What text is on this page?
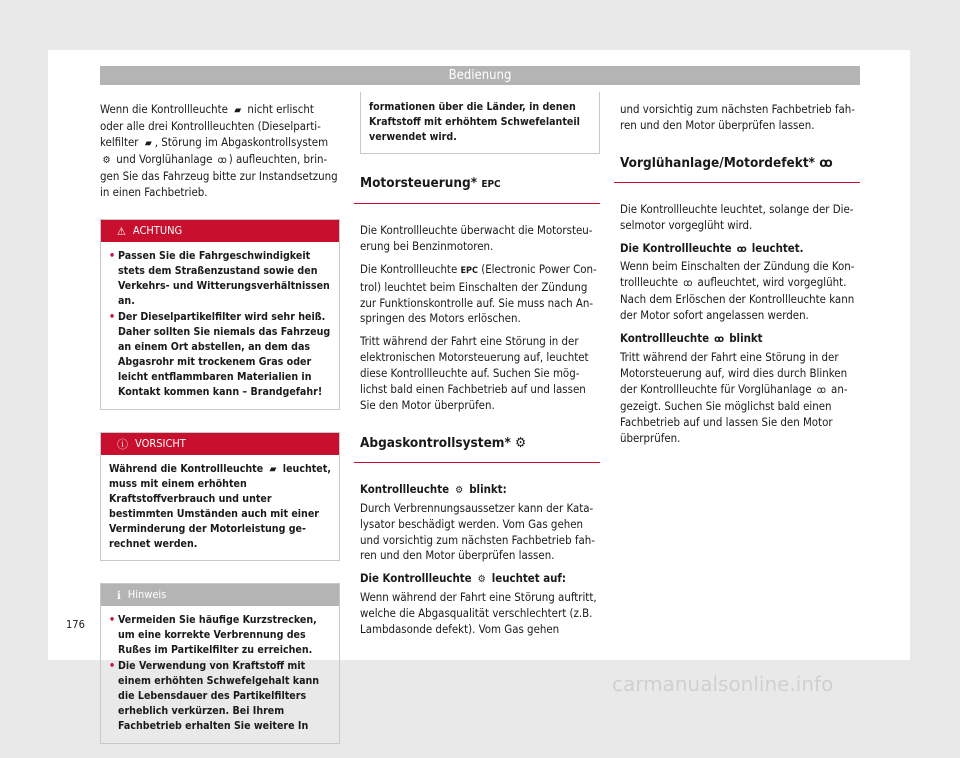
Bedienung

Wenn die Kontrollleuchte ▰ nicht erlischt oder alle drei Kontrollleuchten (Dieselpartikelfilter ▰ , Störung im Abgaskontrollsystem ⚙ und Vorglühanlage ꝏ ) aufleuchten, bringen Sie das Fahrzeug bitte zur Instandsetzung in einen Fachbetrieb.

⚠ ACHTUNG
• Passen Sie die Fahrgeschwindigkeit stets dem Straßenzustand sowie den Verkehrs- und Witterungsverhältnissen an.
• Der Dieselpartikelfilter wird sehr heiß. Daher sollten Sie niemals das Fahrzeug an einem Ort abstellen, an dem das Abgasrohr mit trockenem Gras oder leicht entflammbaren Materialien in Kontakt kommen kann – Brandgefahr!
ⓘ VORSICHT
Während die Kontrollleuchte ▰ leuchtet, muss mit einem erhöhten Kraftstoffverbrauch und unter bestimmten Umständen auch mit einer Verminderung der Motorleistung gerechnet werden.
ℹ Hinweis
• Vermeiden Sie häufige Kurzstrecken, um eine korrekte Verbrennung des Rußes im Partikelfilter zu erreichen.
• Die Verwendung von Kraftstoff mit einem erhöhten Schwefelgehalt kann die Lebensdauer des Partikelfilters erheblich verkürzen. Bei Ihrem Fachbetrieb erhalten Sie weitere In
formationen über die Länder, in denen Kraftstoff mit erhöhtem Schwefelanteil verwendet wird.
Motorsteuerung* EPC

Die Kontrollleuchte überwacht die Motorsteuerung bei Benzinmotoren.

Die Kontrollleuchte EPC (Electronic Power Control) leuchtet beim Einschalten der Zündung zur Funktionskontrolle auf. Sie muss nach Anspringen des Motors erlöschen.

Tritt während der Fahrt eine Störung in der elektronischen Motorsteuerung auf, leuchtet diese Kontrollleuchte auf. Suchen Sie möglichst bald einen Fachbetrieb auf und lassen Sie den Motor überprüfen.

Abgaskontrollsystem* ⚙

Kontrollleuchte ⚙ blinkt:

Durch Verbrennungsaussetzer kann der Katalysator beschädigt werden. Vom Gas gehen und vorsichtig zum nächsten Fachbetrieb fahren und den Motor überprüfen lassen.

Die Kontrollleuchte ⚙ leuchtet auf:

Wenn während der Fahrt eine Störung auftritt, welche die Abgasqualität verschlechtert (z.B. Lambdasonde defekt). Vom Gas gehen

und vorsichtig zum nächsten Fachbetrieb fahren und den Motor überprüfen lassen.

Vorglühanlage/Motordefekt* ꝏ

Die Kontrollleuchte leuchtet, solange der Dieselmotor vorgeglüht wird.

Die Kontrollleuchte ꝏ leuchtet.

Wenn beim Einschalten der Zündung die Kontrollleuchte ꝏ aufleuchtet, wird vorgeglüht. Nach dem Erlöschen der Kontrollleuchte kann der Motor sofort angelassen werden.

Kontrollleuchte ꝏ blinkt

Tritt während der Fahrt eine Störung in der Motorsteuerung auf, wird dies durch Blinken der Kontrollleuchte für Vorglühanlage ꝏ angezeigt. Suchen Sie möglichst bald einen Fachbetrieb auf und lassen Sie den Motor überprüfen.

176
carmanualsonline.info
